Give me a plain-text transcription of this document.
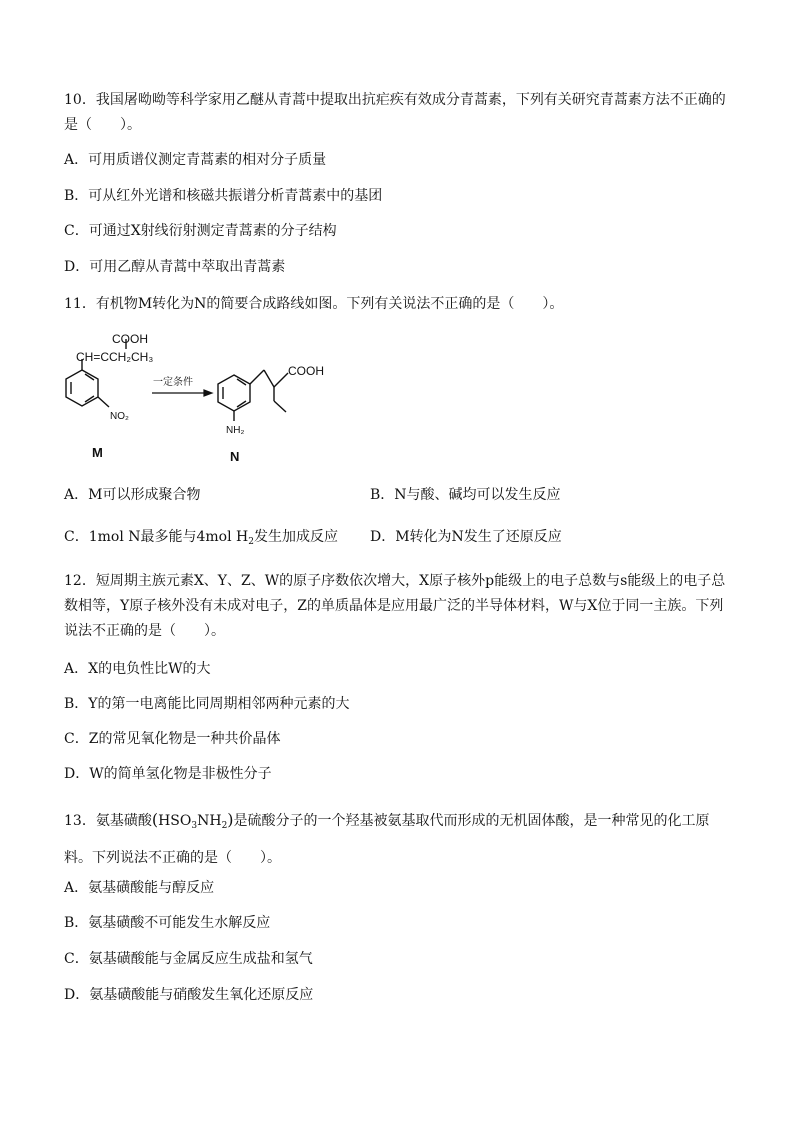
10．我国屠呦呦等科学家用乙醚从青蒿中提取出抗疟疾有效成分青蒿素，下列有关研究青蒿素方法不正确的是（　　）。
A．可用质谱仪测定青蒿素的相对分子质量
B．可从红外光谱和核磁共振谱分析青蒿素中的基团
C．可通过X射线衍射测定青蒿素的分子结构
D．可用乙醇从青蒿中萃取出青蒿素
11．有机物M转化为N的简要合成路线如图。下列有关说法不正确的是（　　）。
COOH
CH=CCH₂CH₃
NO₂
M
一定条件
COOH
NH₂
N
A．M可以形成聚合物	B．N与酸、碱均可以发生反应
C．1mol N最多能与4mol $H_2$发生加成反应 D．M转化为N发生了还原反应
12．短周期主族元素X、Y、Z、W的原子序数依次增大，X原子核外p能级上的电子总数与s能级上的电子总数相等，Y原子核外没有未成对电子，Z的单质晶体是应用最广泛的半导体材料，W与X位于同一主族。下列说法不正确的是（　　）。
A．X的电负性比W的大
B．Y的第一电离能比同周期相邻两种元素的大
C．Z的常见氧化物是一种共价晶体
D．W的简单氢化物是非极性分子
13．氨基磺酸$(HSO_3NH_2)$是硫酸分子的一个羟基被氨基取代而形成的无机固体酸，是一种常见的化工原料。下列说法不正确的是（　　）。
A．氨基磺酸能与醇反应
B．氨基磺酸不可能发生水解反应
C．氨基磺酸能与金属反应生成盐和氢气
D．氨基磺酸能与硝酸发生氧化还原反应
